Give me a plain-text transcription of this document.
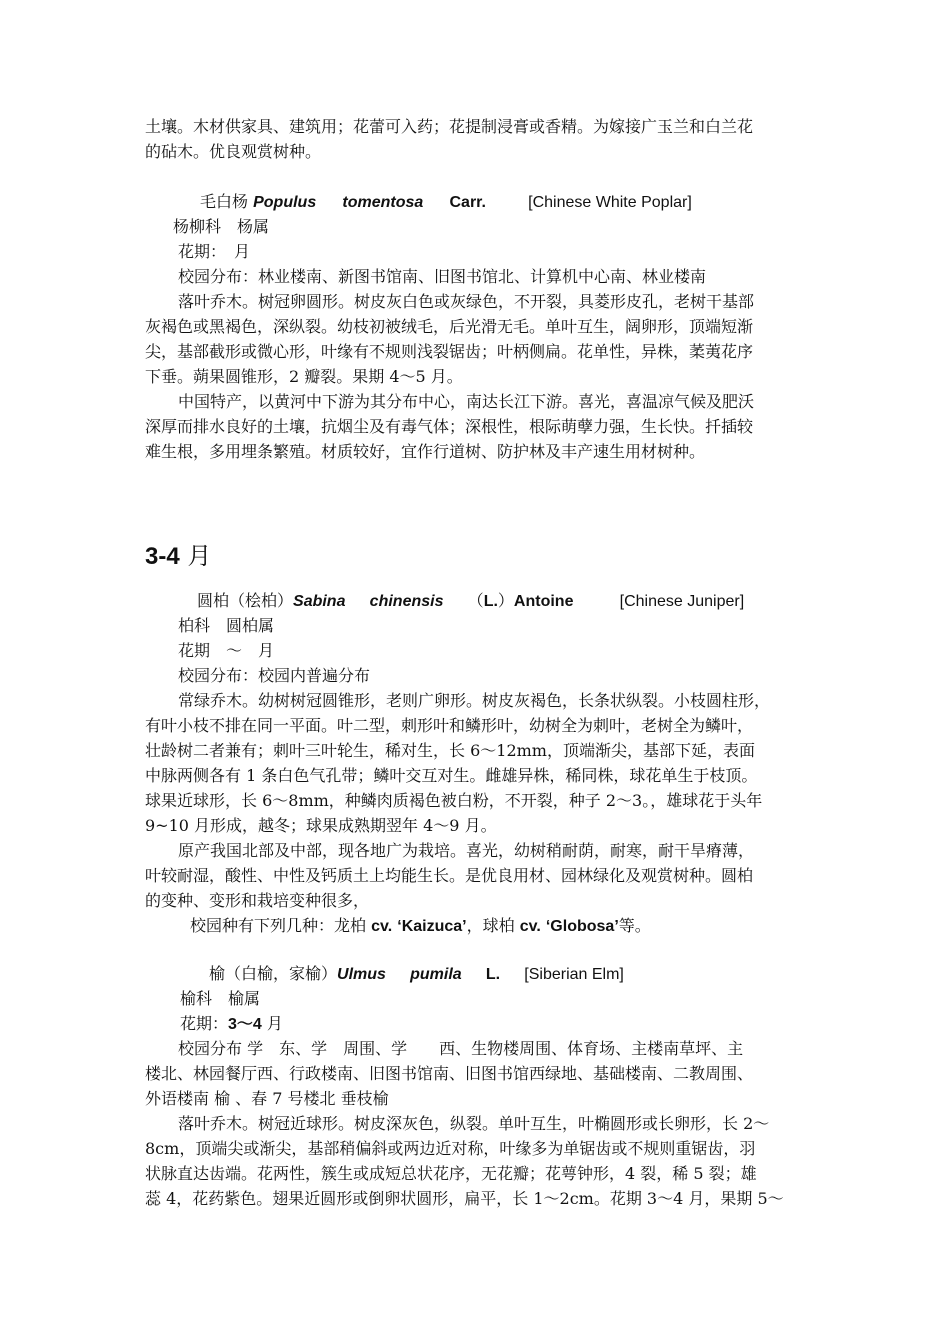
土壤。木材供家具、建筑用；花蕾可入药；花提制浸膏或香精。为嫁接广玉兰和白兰花
的砧木。优良观赏树种。
毛白杨 Populus tomentosa Carr.	[Chinese White Poplar]
杨柳科　杨属
花期：　月
校园分布：林业楼南、新图书馆南、旧图书馆北、计算机中心南、林业楼南
落叶乔木。树冠卵圆形。树皮灰白色或灰绿色，不开裂，具菱形皮孔，老树干基部
灰褐色或黑褐色，深纵裂。幼枝初被绒毛，后光滑无毛。单叶互生，阔卵形，顶端短渐
尖，基部截形或微心形，叶缘有不规则浅裂锯齿；叶柄侧扁。花单性，异株，葇荑花序
下垂。蒴果圆锥形，2 瓣裂。果期 4～5 月。
中国特产，以黄河中下游为其分布中心，南达长江下游。喜光，喜温凉气候及肥沃
深厚而排水良好的土壤，抗烟尘及有毒气体；深根性，根际萌孽力强，生长快。扦插较
难生根，多用埋条繁殖。材质较好，宜作行道树、防护林及丰产速生用材树种。
3-4 月
圆柏（桧柏）Sabina chinensis （L.）Antoine	[Chinese Juniper]
柏科　圆柏属
花期　～　月
校园分布：校园内普遍分布
常绿乔木。幼树树冠圆锥形，老则广卵形。树皮灰褐色，长条状纵裂。小枝圆柱形，
有叶小枝不排在同一平面。叶二型，刺形叶和鳞形叶，幼树全为刺叶，老树全为鳞叶，
壮龄树二者兼有；刺叶三叶轮生，稀对生，长 6～12mm，顶端渐尖，基部下延，表面
中脉两侧各有 1 条白色气孔带；鳞叶交互对生。雌雄异株，稀同株，球花单生于枝顶。
球果近球形，长 6～8mm，种鳞肉质褐色被白粉，不开裂，种子 2～3。，雄球花于头年
9~10 月形成，越冬；球果成熟期翌年 4～9 月。
原产我国北部及中部，现各地广为栽培。喜光，幼树稍耐荫，耐寒，耐干旱瘠薄，
叶较耐湿，酸性、中性及钙质土上均能生长。是优良用材、园林绿化及观赏树种。圆柏
的变种、变形和栽培变种很多，
校园种有下列几种：龙柏 cv. ‘Kaizuca’，球柏 cv. ‘Globosa’等。
榆（白榆，家榆）Ulmus pumila L. [Siberian Elm]
榆科　榆属
花期：3～4 月
校园分布 学　东、学　周围、学　　西、生物楼周围、体育场、主楼南草坪、主
楼北、林园餐厅西、行政楼南、旧图书馆南、旧图书馆西绿地、基础楼南、二教周围、
外语楼南 榆 、春 7 号楼北 垂枝榆
落叶乔木。树冠近球形。树皮深灰色，纵裂。单叶互生，叶椭圆形或长卵形，长 2～
8cm，顶端尖或渐尖，基部稍偏斜或两边近对称，叶缘多为单锯齿或不规则重锯齿，羽
状脉直达齿端。花两性，簇生或成短总状花序，无花瓣；花萼钟形，4 裂，稀 5 裂；雄
蕊 4，花药紫色。翅果近圆形或倒卵状圆形，扁平，长 1～2cm。花期 3～4 月，果期 5～
